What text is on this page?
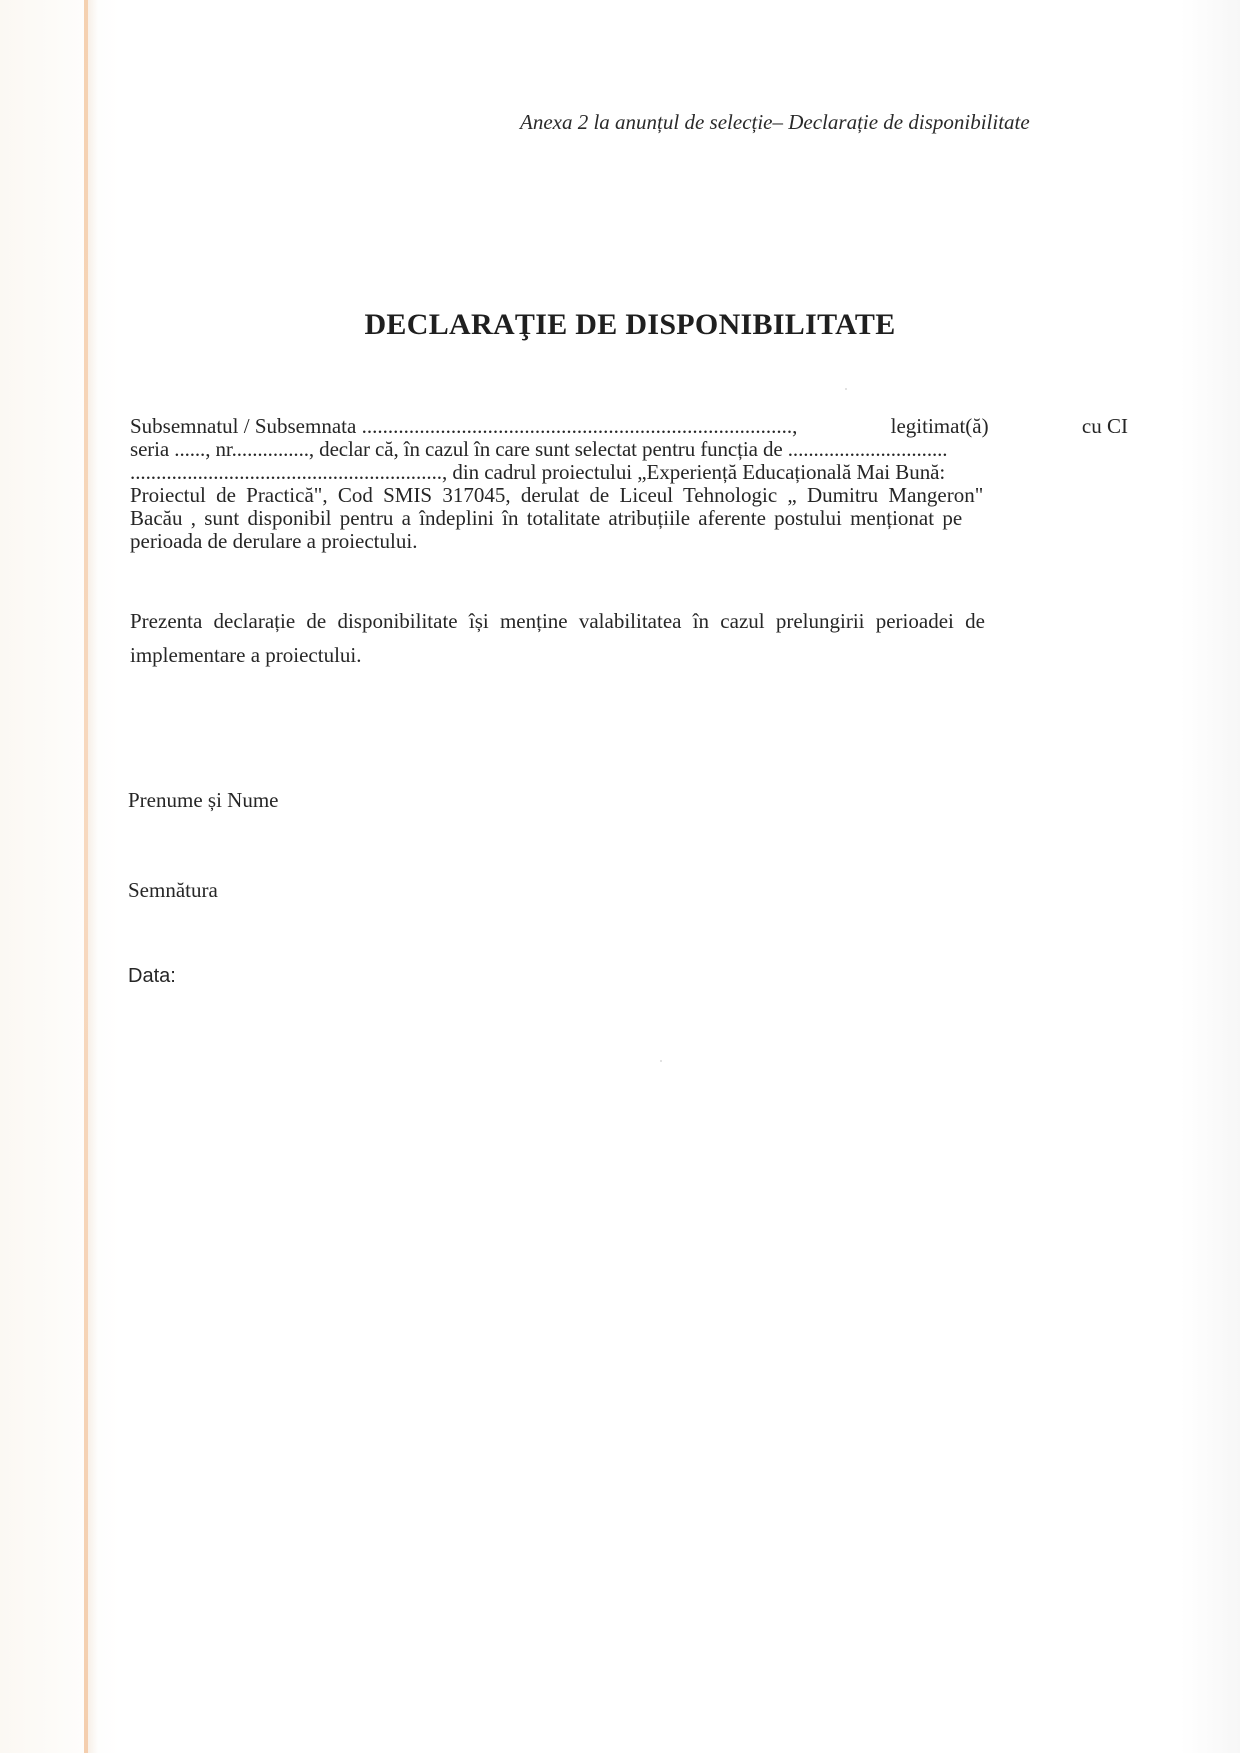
Anexa 2 la anunțul de selecție– Declarație de disponibilitate
DECLARAŢIE DE DISPONIBILITATE
Subsemnatul / Subsemnata ..................................................................................,	legitimat(ă)	cu CI
seria ......, nr..............., declar că, în cazul în care sunt selectat pentru funcția de ...............................
............................................................, din cadrul proiectului „Experiență Educațională Mai Bună:
Proiectul de Practică", Cod SMIS 317045, derulat de Liceul Tehnologic „ Dumitru Mangeron"
Bacău , sunt disponibil pentru a îndeplini în totalitate atribuțiile aferente postului menționat pe
perioada de derulare a proiectului.
Prezenta declarație de disponibilitate își menține valabilitatea în cazul prelungirii perioadei de
implementare a proiectului.
Prenume și Nume
Semnătura
Data:
